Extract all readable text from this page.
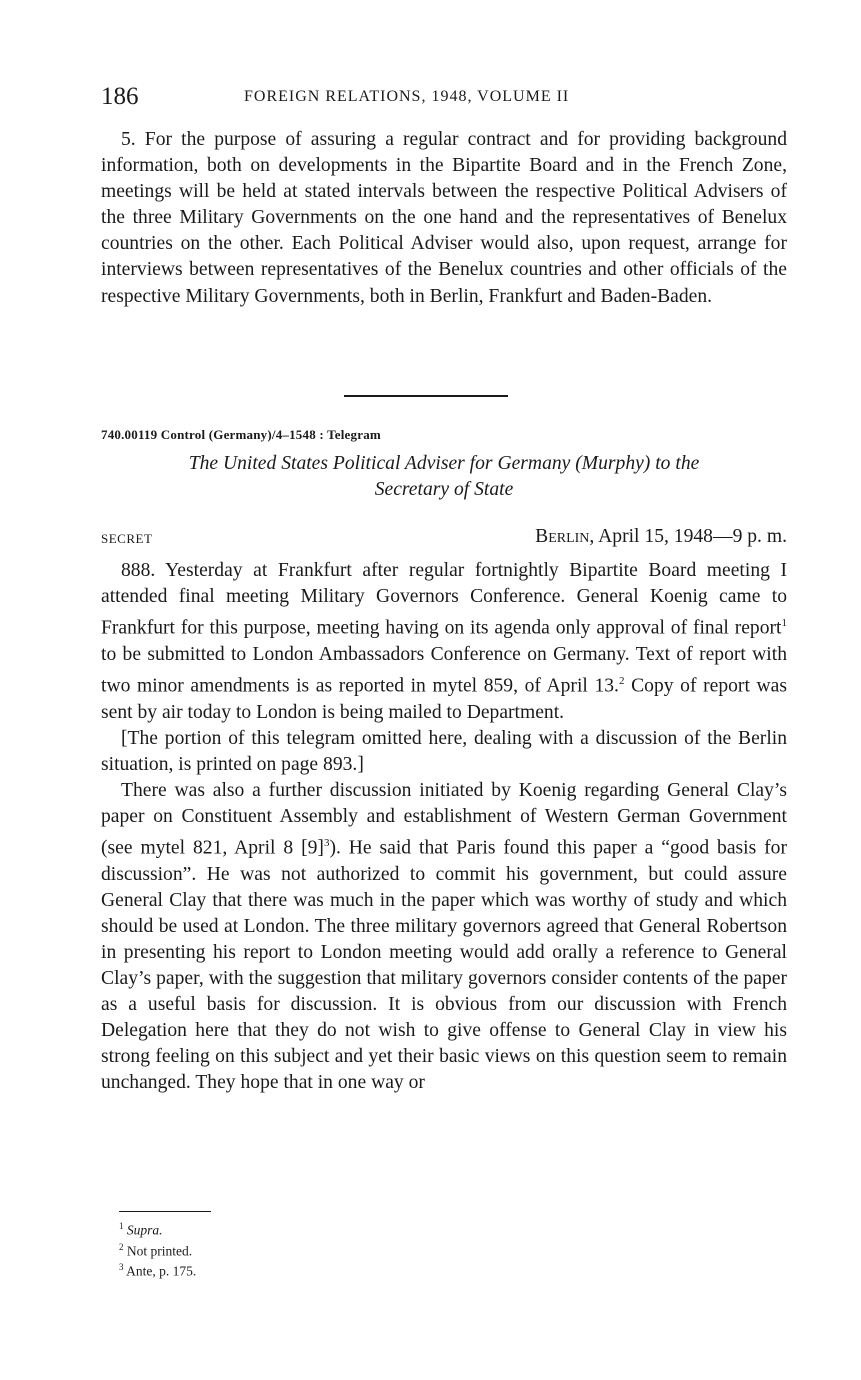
186	FOREIGN RELATIONS, 1948, VOLUME II

5. For the purpose of assuring a regular contract and for providing background information, both on developments in the Bipartite Board and in the French Zone, meetings will be held at stated intervals between the respective Political Advisers of the three Military Governments on the one hand and the representatives of Benelux countries on the other. Each Political Adviser would also, upon request, arrange for interviews between representatives of the Benelux countries and other officials of the respective Military Governments, both in Berlin, Frankfurt and Baden-Baden.

740.00119 Control (Germany)/4–1548 : Telegram
The United States Political Adviser for Germany (Murphy) to the
Secretary of State
SECRET	Berlin, April 15, 1948—9 p. m.

888. Yesterday at Frankfurt after regular fortnightly Bipartite Board meeting I attended final meeting Military Governors Conference. General Koenig came to Frankfurt for this purpose, meeting having on its agenda only approval of final report$^1$ to be submitted to London Ambassadors Conference on Germany. Text of report with two minor amendments is as reported in mytel 859, of April 13.$^2$ Copy of report was sent by air today to London is being mailed to Department.

[The portion of this telegram omitted here, dealing with a discussion of the Berlin situation, is printed on page 893.]

There was also a further discussion initiated by Koenig regarding General Clay’s paper on Constituent Assembly and establishment of Western German Government (see mytel 821, April 8 $[9]^3$). He said that Paris found this paper a “good basis for discussion”. He was not authorized to commit his government, but could assure General Clay that there was much in the paper which was worthy of study and which should be used at London. The three military governors agreed that General Robertson in presenting his report to London meeting would add orally a reference to General Clay’s paper, with the suggestion that military governors consider contents of the paper as a useful basis for discussion. It is obvious from our discussion with French Delegation here that they do not wish to give offense to General Clay in view his strong feeling on this subject and yet their basic views on this question seem to remain unchanged. They hope that in one way or

$^1$ Supra.
$^2$ Not printed.
$^3$ Ante, p. 175.
